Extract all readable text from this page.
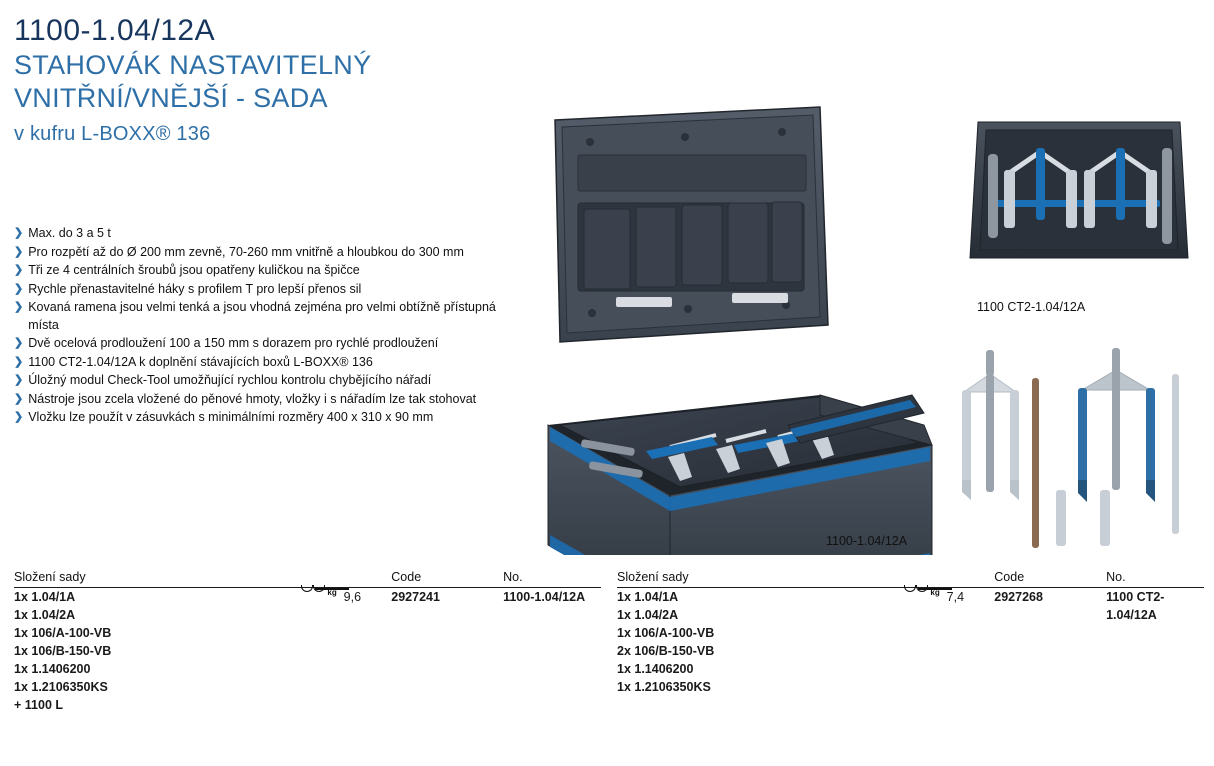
1100-1.04/12A
STAHOVÁK NASTAVITELNÝ
VNITŘNÍ/VNĚJŠÍ - SADA
v kufru L-BOXX® 136
❯ Max. do 3 a 5 t
❯ Pro rozpětí až do Ø 200 mm zevně, 70-260 mm vnitřně a hloubkou do 300 mm
❯ Tři ze 4 centrálních šroubů jsou opatřeny kuličkou na špičce
❯ Rychle přenastavitelné háky s profilem T pro lepší přenos sil
❯ Kovaná ramena jsou velmi tenká a jsou vhodná zejména pro velmi obtížně přístupná místa
❯ Dvě ocelová prodloužení 100 a 150 mm s dorazem pro rychlé prodloužení
❯ 1100 CT2-1.04/12A k doplnění stávajících boxů L-BOXX® 136
❯ Úložný modul Check-Tool umožňující rychlou kontrolu chybějícího nářadí
❯ Nástroje jsou zcela vložené do pěnové hmoty, vložky i s nářadím lze tak stohovat
❯ Vložku lze použít v zásuvkách s minimálními rozměry 400 x 310 x 90 mm
1100-1.04/12A
1100 CT2-1.04/12A
Složení sady	kg	Code	No.
1x 1.04/1A	9,6	2927241	1100-1.04/12A
1x 1.04/2A			
1x 106/A-100-VB			
1x 106/B-150-VB			
1x 1.1406200			
1x 1.2106350KS			
+ 1100 L			
Složení sady	kg	Code	No.
1x 1.04/1A	7,4	2927268	1100 CT2-
1x 1.04/2A			1.04/12A
1x 106/A-100-VB			
2x 106/B-150-VB			
1x 1.1406200			
1x 1.2106350KS			
